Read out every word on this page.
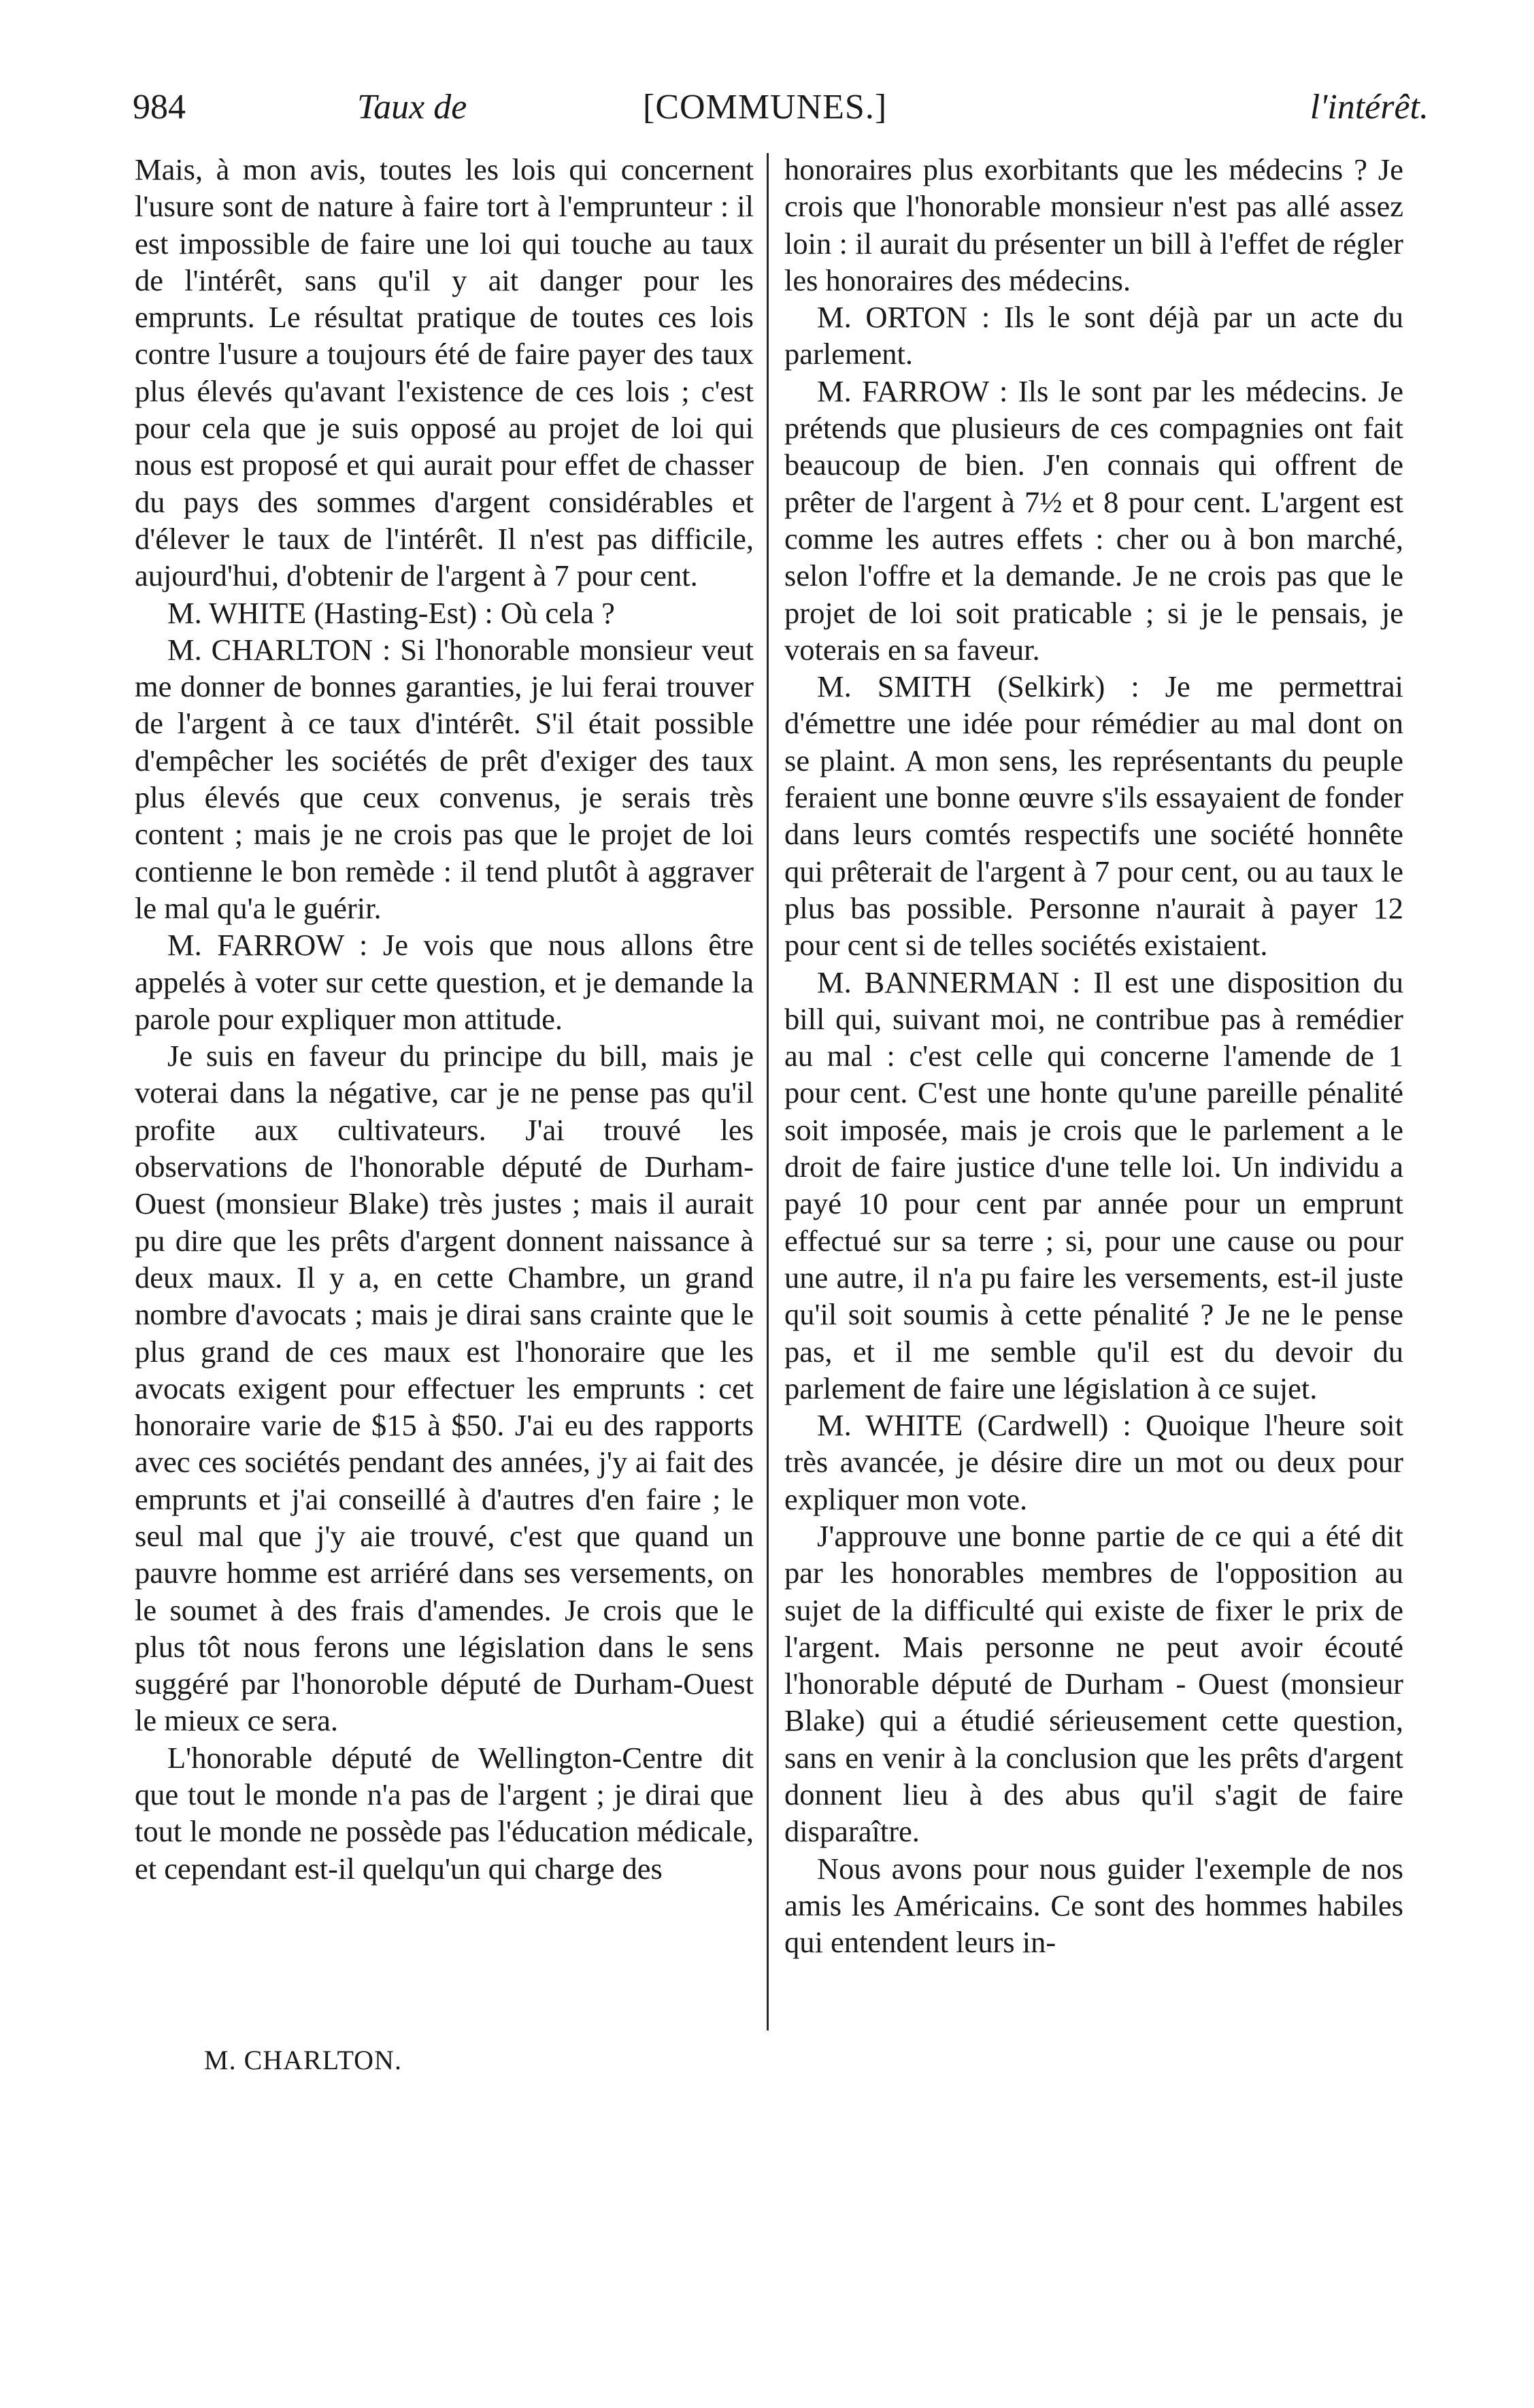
984	Taux de	[COMMUNES.]	l'intérêt.

Mais, à mon avis, toutes les lois qui concernent l'usure sont de nature à faire tort à l'emprunteur : il est impossible de faire une loi qui touche au taux de l'intérêt, sans qu'il y ait danger pour les emprunts. Le résultat pratique de toutes ces lois contre l'usure a toujours été de faire payer des taux plus élevés qu'avant l'existence de ces lois ; c'est pour cela que je suis opposé au projet de loi qui nous est proposé et qui aurait pour effet de chasser du pays des sommes d'argent considérables et d'élever le taux de l'intérêt. Il n'est pas difficile, aujourd'hui, d'obtenir de l'argent à 7 pour cent.

M. WHITE (Hasting-Est) : Où cela ?

M. CHARLTON : Si l'honorable monsieur veut me donner de bonnes garanties, je lui ferai trouver de l'argent à ce taux d'intérêt. S'il était possible d'empêcher les sociétés de prêt d'exiger des taux plus élevés que ceux convenus, je serais très content ; mais je ne crois pas que le projet de loi contienne le bon remède : il tend plutôt à aggraver le mal qu'a le guérir.

M. FARROW : Je vois que nous allons être appelés à voter sur cette question, et je demande la parole pour expliquer mon attitude.

Je suis en faveur du principe du bill, mais je voterai dans la négative, car je ne pense pas qu'il profite aux cultivateurs. J'ai trouvé les observations de l'honorable député de Durham-Ouest (monsieur Blake) très justes ; mais il aurait pu dire que les prêts d'argent donnent naissance à deux maux. Il y a, en cette Chambre, un grand nombre d'avocats ; mais je dirai sans crainte que le plus grand de ces maux est l'honoraire que les avocats exigent pour effectuer les emprunts : cet honoraire varie de $15 à $50. J'ai eu des rapports avec ces sociétés pendant des années, j'y ai fait des emprunts et j'ai conseillé à d'autres d'en faire ; le seul mal que j'y aie trouvé, c'est que quand un pauvre homme est arriéré dans ses versements, on le soumet à des frais d'amendes. Je crois que le plus tôt nous ferons une législation dans le sens suggéré par l'honoroble député de Durham-Ouest le mieux ce sera.

L'honorable député de Wellington-Centre dit que tout le monde n'a pas de l'argent ; je dirai que tout le monde ne possède pas l'éducation médicale, et cependant est-il quelqu'un qui charge des

honoraires plus exorbitants que les médecins ? Je crois que l'honorable monsieur n'est pas allé assez loin : il aurait du présenter un bill à l'effet de régler les honoraires des médecins.

M. ORTON : Ils le sont déjà par un acte du parlement.

M. FARROW : Ils le sont par les médecins. Je prétends que plusieurs de ces compagnies ont fait beaucoup de bien. J'en connais qui offrent de prêter de l'argent à 7½ et 8 pour cent. L'argent est comme les autres effets : cher ou à bon marché, selon l'offre et la demande. Je ne crois pas que le projet de loi soit praticable ; si je le pensais, je voterais en sa faveur.

M. SMITH (Selkirk) : Je me permettrai d'émettre une idée pour rémédier au mal dont on se plaint. A mon sens, les représentants du peuple feraient une bonne œuvre s'ils essayaient de fonder dans leurs comtés respectifs une société honnête qui prêterait de l'argent à 7 pour cent, ou au taux le plus bas possible. Personne n'aurait à payer 12 pour cent si de telles sociétés existaient.

M. BANNERMAN : Il est une disposition du bill qui, suivant moi, ne contribue pas à remédier au mal : c'est celle qui concerne l'amende de 1 pour cent. C'est une honte qu'une pareille pénalité soit imposée, mais je crois que le parlement a le droit de faire justice d'une telle loi. Un individu a payé 10 pour cent par année pour un emprunt effectué sur sa terre ; si, pour une cause ou pour une autre, il n'a pu faire les versements, est-il juste qu'il soit soumis à cette pénalité ? Je ne le pense pas, et il me semble qu'il est du devoir du parlement de faire une législation à ce sujet.

M. WHITE (Cardwell) : Quoique l'heure soit très avancée, je désire dire un mot ou deux pour expliquer mon vote.

J'approuve une bonne partie de ce qui a été dit par les honorables membres de l'opposition au sujet de la difficulté qui existe de fixer le prix de l'argent. Mais personne ne peut avoir écouté l'honorable député de Durham - Ouest (monsieur Blake) qui a étudié sérieusement cette question, sans en venir à la conclusion que les prêts d'argent donnent lieu à des abus qu'il s'agit de faire disparaître.

Nous avons pour nous guider l'exemple de nos amis les Américains. Ce sont des hommes habiles qui entendent leurs in-

M. CHARLTON.
